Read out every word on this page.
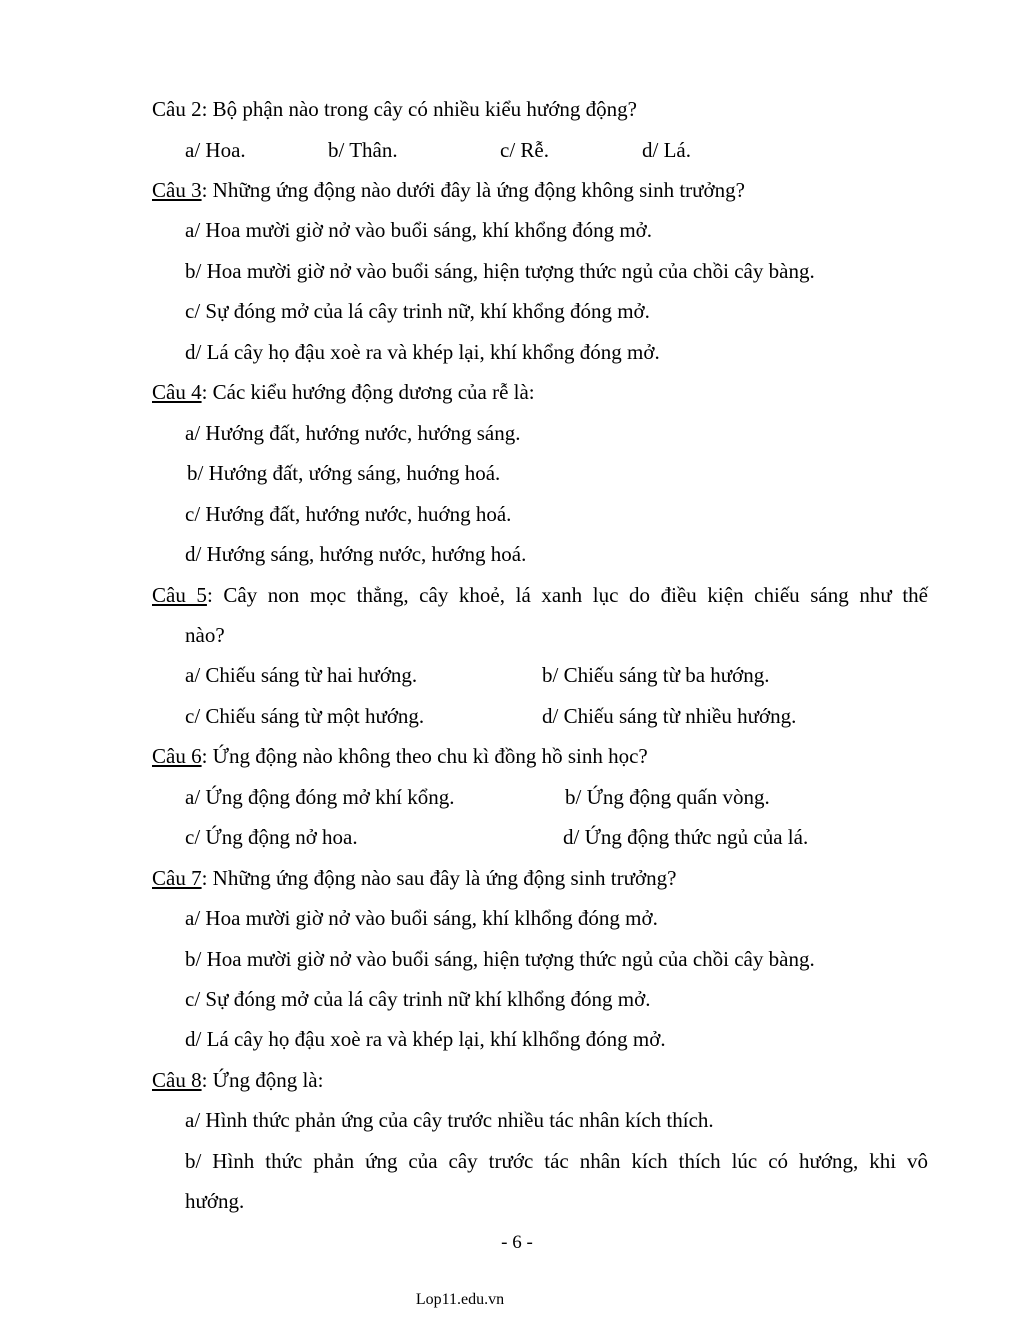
Câu 2: Bộ phận nào trong cây có nhiều kiểu hướng động?
a/ Hoa.	b/ Thân.	c/ Rễ.	d/ Lá.
Câu 3: Những ứng động nào dưới đây là ứng động không sinh trưởng?
a/ Hoa mười giờ nở vào buổi sáng, khí khổng đóng mở.
b/ Hoa mười giờ nở vào buổi sáng, hiện tượng thức ngủ của chồi cây bàng.
c/ Sự đóng mở của lá cây trinh nữ, khí khổng đóng mở.
d/ Lá cây họ đậu xoè ra và khép lại, khí khổng đóng mở.
Câu 4: Các kiểu hướng động dương của rễ là:
a/ Hướng đất, hướng nước, hướng sáng.
b/ Hướng đất, ướng sáng, huớng hoá.
c/ Hướng đất, hướng nước, huớng hoá.
d/ Hướng sáng, hướng nước, hướng hoá.
Câu 5: Cây non mọc thẳng, cây khoẻ, lá xanh lục do điều kiện chiếu sáng như thế
nào?
a/ Chiếu sáng từ hai hướng.	b/ Chiếu sáng từ ba hướng.
c/ Chiếu sáng từ một hướng.	d/ Chiếu sáng từ nhiều hướng.
Câu 6: Ứng động nào không theo chu kì đồng hồ sinh học?
a/ Ứng động đóng mở khí kổng.	b/ Ứng động quấn vòng.
c/ Ứng động nở hoa.	d/ Ứng động thức ngủ của lá.
Câu 7: Những ứng động nào sau đây là ứng động sinh trưởng?
a/ Hoa mười giờ nở vào buổi sáng, khí klhổng đóng mở.
b/ Hoa mười giờ nở vào buổi sáng, hiện tượng thức ngủ của chồi cây bàng.
c/ Sự đóng mở của lá cây trinh nữ khí klhổng đóng mở.
d/ Lá cây họ đậu xoè ra và khép lại, khí klhổng đóng mở.
Câu 8: Ứng động là:
a/ Hình thức phản ứng của cây trước nhiều tác nhân kích thích.
b/ Hình thức phản ứng của cây trước tác nhân kích thích lúc có hướng, khi vô
hướng.
- 6 -
Lop11.edu.vn
